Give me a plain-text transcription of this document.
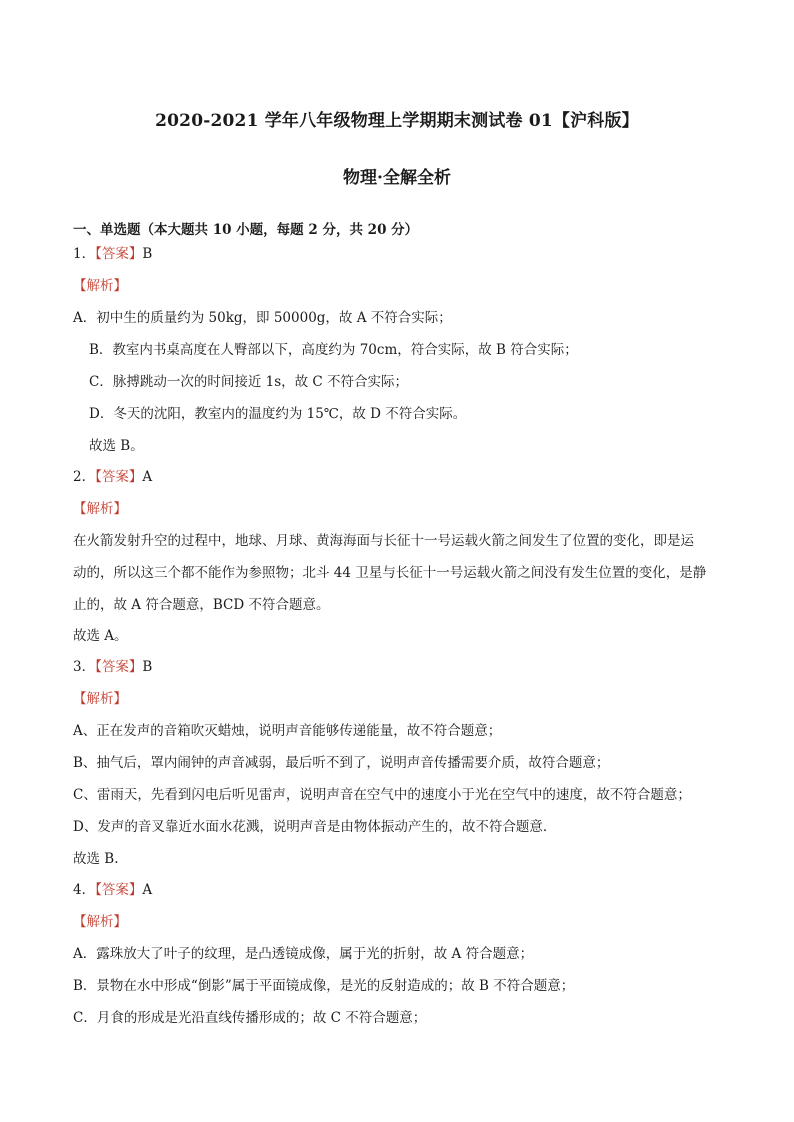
2020-2021 学年八年级物理上学期期末测试卷 01【沪科版】
物理·全解全析
一、单选题（本大题共 10 小题，每题 2 分，共 20 分）
1．【答案】B
【解析】
A．初中生的质量约为 50kg，即 50000g，故 A 不符合实际；
B．教室内书桌高度在人臀部以下，高度约为 70cm，符合实际，故 B 符合实际；
C．脉搏跳动一次的时间接近 1s，故 C 不符合实际；
D．冬天的沈阳，教室内的温度约为 15℃，故 D 不符合实际。
故选 B。
2．【答案】A
【解析】
在火箭发射升空的过程中，地球、月球、黄海海面与长征十一号运载火箭之间发生了位置的变化，即是运
动的，所以这三个都不能作为参照物；北斗 44 卫星与长征十一号运载火箭之间没有发生位置的变化，是静
止的，故 A 符合题意，BCD 不符合题意。
故选 A。
3．【答案】B
【解析】
A、正在发声的音箱吹灭蜡烛，说明声音能够传递能量，故不符合题意；
B、抽气后，罩内闹钟的声音减弱，最后听不到了，说明声音传播需要介质，故符合题意；
C、雷雨天，先看到闪电后听见雷声，说明声音在空气中的速度小于光在空气中的速度，故不符合题意；
D、发声的音叉靠近水面水花溅，说明声音是由物体振动产生的，故不符合题意．
故选 B.
4．【答案】A
【解析】
A．露珠放大了叶子的纹理，是凸透镜成像，属于光的折射，故 A 符合题意；
B．景物在水中形成“倒影”属于平面镜成像，是光的反射造成的；故 B 不符合题意；
C．月食的形成是光沿直线传播形成的；故 C 不符合题意；
